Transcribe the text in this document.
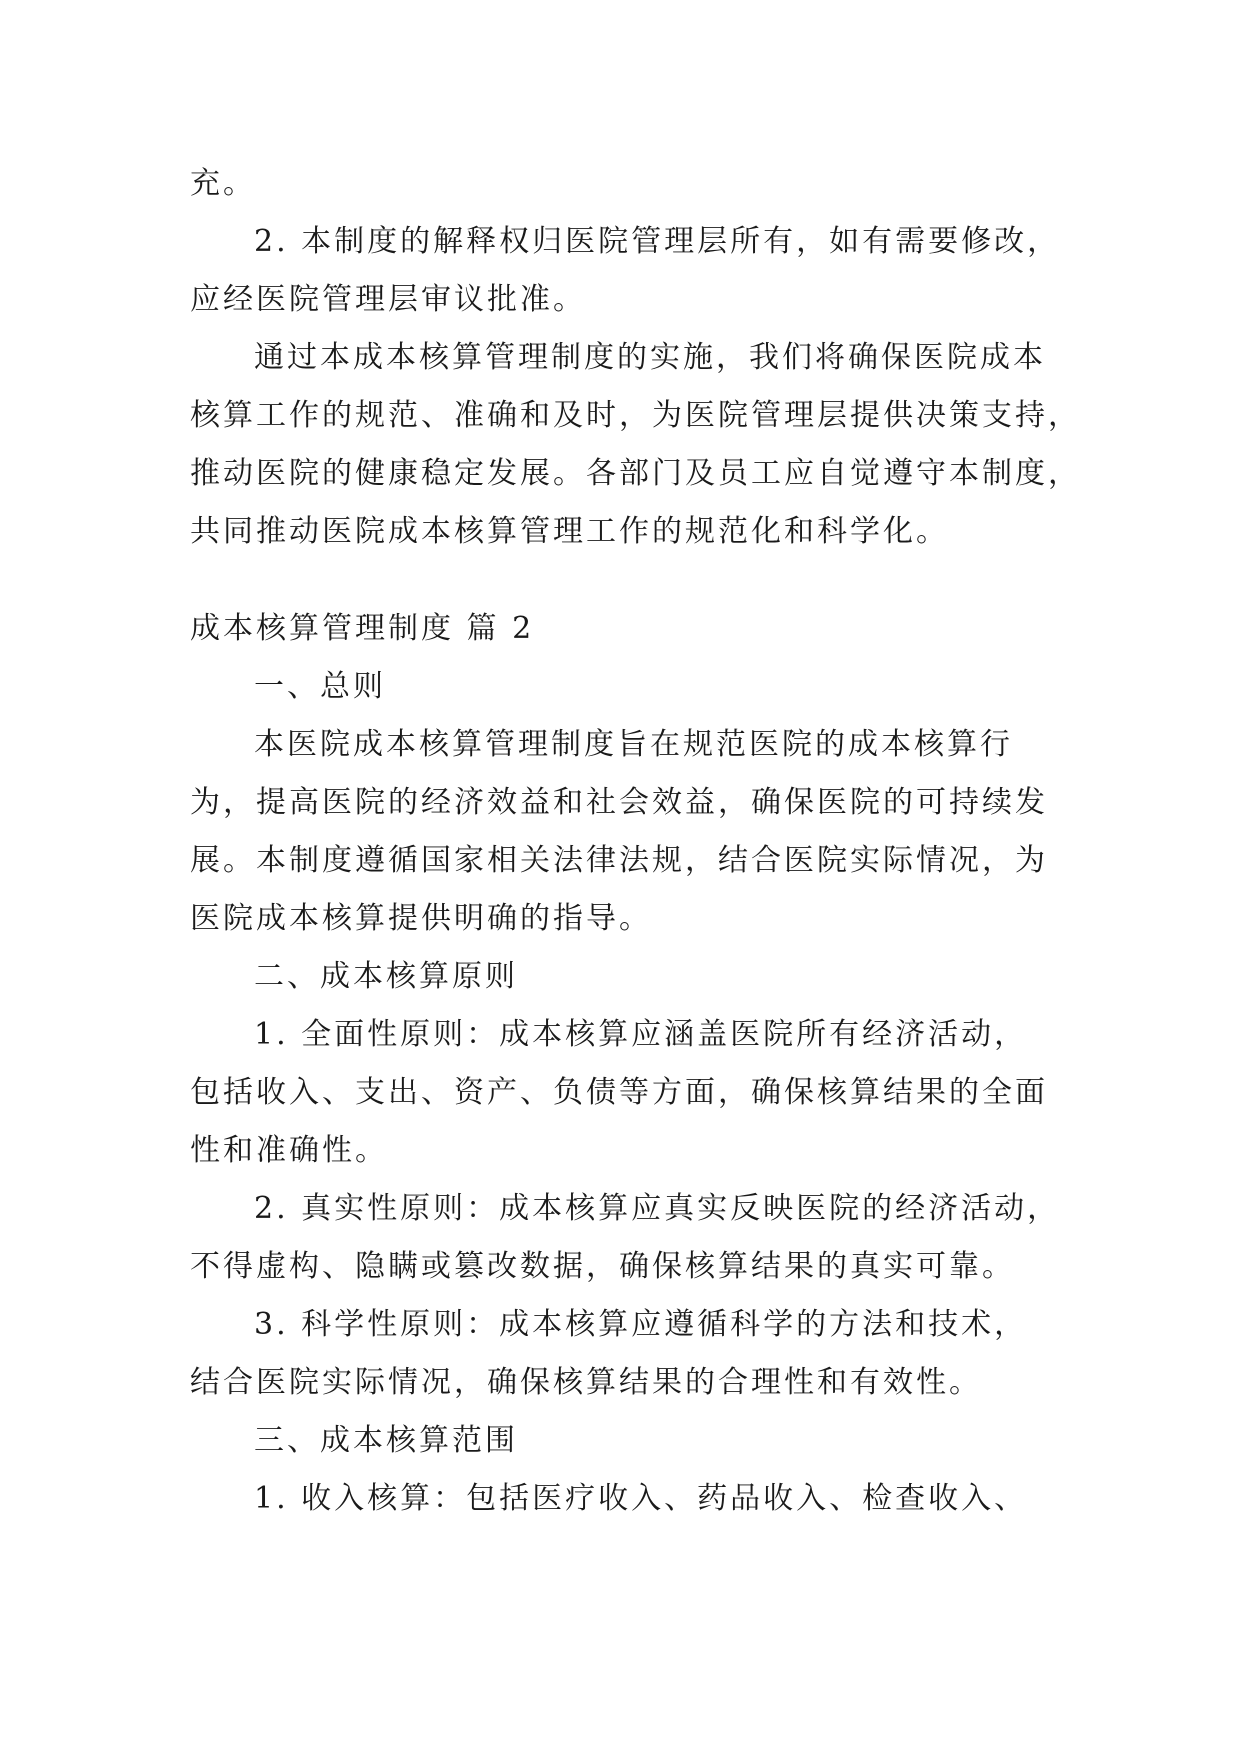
充。

2. 本制度的解释权归医院管理层所有，如有需要修改，

应经医院管理层审议批准。

通过本成本核算管理制度的实施，我们将确保医院成本

核算工作的规范、准确和及时，为医院管理层提供决策支持，

推动医院的健康稳定发展。各部门及员工应自觉遵守本制度，

共同推动医院成本核算管理工作的规范化和科学化。

成本核算管理制度 篇 2

一、总则

本医院成本核算管理制度旨在规范医院的成本核算行

为，提高医院的经济效益和社会效益，确保医院的可持续发

展。本制度遵循国家相关法律法规，结合医院实际情况，为

医院成本核算提供明确的指导。

二、成本核算原则

1. 全面性原则：成本核算应涵盖医院所有经济活动，

包括收入、支出、资产、负债等方面，确保核算结果的全面

性和准确性。

2. 真实性原则：成本核算应真实反映医院的经济活动，

不得虚构、隐瞒或篡改数据，确保核算结果的真实可靠。

3. 科学性原则：成本核算应遵循科学的方法和技术，

结合医院实际情况，确保核算结果的合理性和有效性。

三、成本核算范围

1. 收入核算：包括医疗收入、药品收入、检查收入、
